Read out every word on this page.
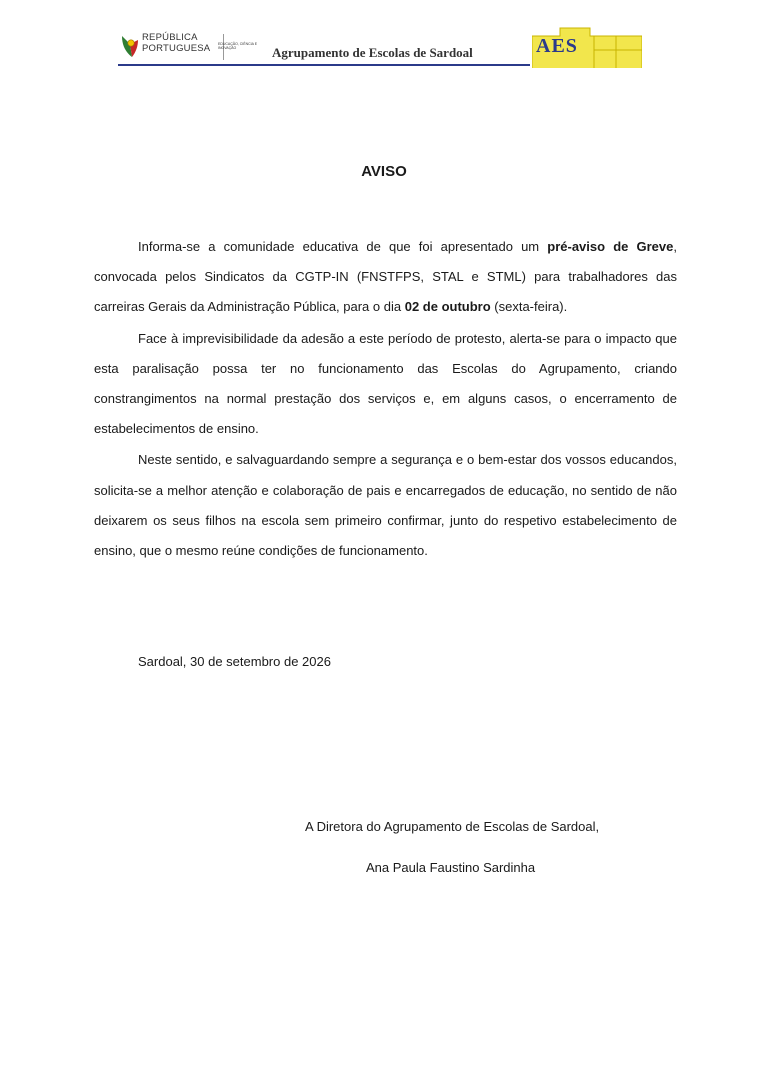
REPÚBLICA
PORTUGUESA EDUCAÇÃO, CIÊNCIA E INOVAÇÃO	Agrupamento de Escolas de Sardoal	AES
AVISO

Informa-se a comunidade educativa de que foi apresentado um pré-aviso de Greve, convocada pelos Sindicatos da CGTP-IN (FNSTFPS, STAL e STML) para trabalhadores das carreiras Gerais da Administração Pública, para o dia 02 de outubro (sexta-feira).

Face à imprevisibilidade da adesão a este período de protesto, alerta-se para o impacto que esta paralisação possa ter no funcionamento das Escolas do Agrupamento, criando constrangimentos na normal prestação dos serviços e, em alguns casos, o encerramento de estabelecimentos de ensino.

Neste sentido, e salvaguardando sempre a segurança e o bem-estar dos vossos educandos, solicita-se a melhor atenção e colaboração de pais e encarregados de educação, no sentido de não deixarem os seus filhos na escola sem primeiro confirmar, junto do respetivo estabelecimento de ensino, que o mesmo reúne condições de funcionamento.

Sardoal, 30 de setembro de 2026
A Diretora do Agrupamento de Escolas de Sardoal,
Ana Paula Faustino Sardinha
